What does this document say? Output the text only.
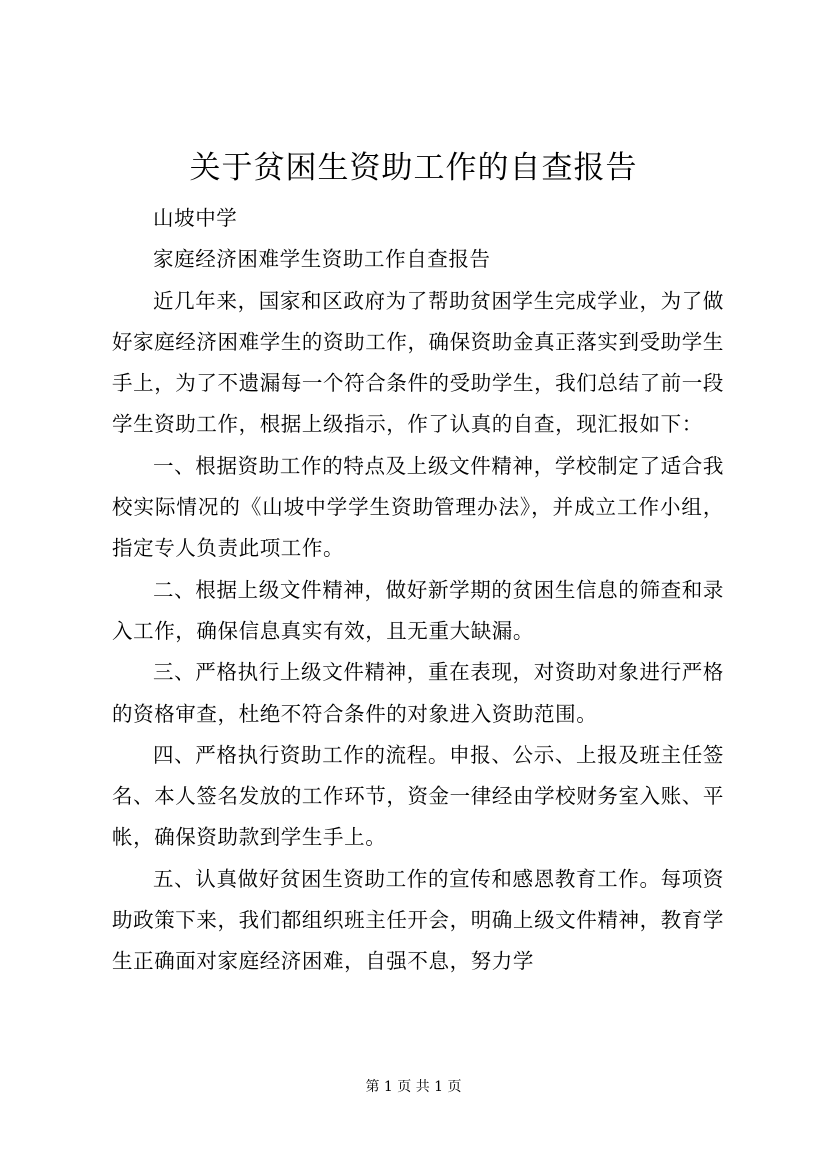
关于贫困生资助工作的自查报告

山坡中学

家庭经济困难学生资助工作自查报告

近几年来，国家和区政府为了帮助贫困学生完成学业，为了做好家庭经济困难学生的资助工作，确保资助金真正落实到受助学生手上，为了不遗漏每一个符合条件的受助学生，我们总结了前一段学生资助工作，根据上级指示，作了认真的自查，现汇报如下：

一、根据资助工作的特点及上级文件精神，学校制定了适合我校实际情况的《山坡中学学生资助管理办法》，并成立工作小组，指定专人负责此项工作。

二、根据上级文件精神，做好新学期的贫困生信息的筛查和录入工作，确保信息真实有效，且无重大缺漏。

三、严格执行上级文件精神，重在表现，对资助对象进行严格的资格审查，杜绝不符合条件的对象进入资助范围。

四、严格执行资助工作的流程。申报、公示、上报及班主任签名、本人签名发放的工作环节，资金一律经由学校财务室入账、平帐，确保资助款到学生手上。

五、认真做好贫困生资助工作的宣传和感恩教育工作。每项资助政策下来，我们都组织班主任开会，明确上级文件精神，教育学生正确面对家庭经济困难，自强不息，努力学

第 1 页 共 1 页
